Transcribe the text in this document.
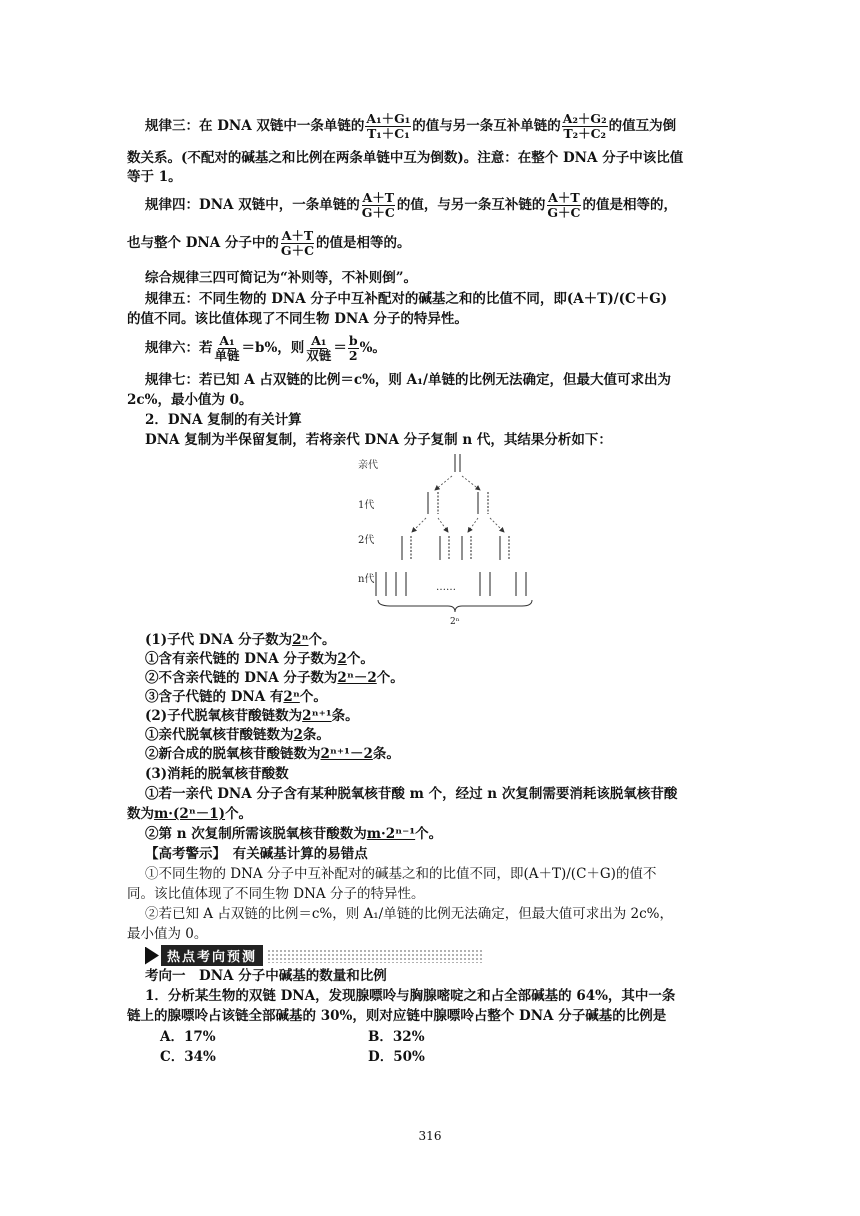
规律三：在 DNA 双链中一条单链的 $\frac{\text{A₁＋G₁}}{\text{T₁＋C₁}}$ 的值与另一条互补单链的 $\frac{\text{A₂＋G₂}}{\text{T₂＋C₂}}$ 的值互为倒
数关系。(不配对的碱基之和比例在两条单链中互为倒数)。注意：在整个 DNA 分子中该比值
等于 1。
规律四：DNA 双链中，一条单链的 $\frac{A+T}{G+C}$ 的值，与另一条互补链的 $\frac{A+T}{G+C}$ 的值是相等的，
也与整个 DNA 分子中的 $\frac{A+T}{G+C}$ 的值是相等的。
综合规律三四可简记为“补则等，不补则倒”。
规律五：不同生物的 DNA 分子中互补配对的碱基之和的比值不同，即(A＋T)/(C＋G)
的值不同。该比值体现了不同生物 DNA 分子的特异性。
规律六：若 $\frac{\text{A₁}}{\text{单链}} =b\%$，则 $\frac{\text{A₁}}{\text{双链}} = \frac{b}{2}$ %。
规律七：若已知 A 占双链的比例＝c%，则 A₁/单链的比例无法确定，但最大值可求出为
2c%，最小值为 0。
2．DNA 复制的有关计算
DNA 复制为半保留复制，若将亲代 DNA 分子复制 n 代，其结果分析如下：
亲代
1代
2代
n代
……
2ⁿ
(1)子代 DNA 分子数为2ⁿ个。
①含有亲代链的 DNA 分子数为2个。
②不含亲代链的 DNA 分子数为2ⁿ－2个。
③含子代链的 DNA 有2ⁿ个。
(2)子代脱氧核苷酸链数为2ⁿ⁺¹条。
①亲代脱氧核苷酸链数为2条。
②新合成的脱氧核苷酸链数为2ⁿ⁺¹－2条。
(3)消耗的脱氧核苷酸数
①若一亲代 DNA 分子含有某种脱氧核苷酸 m 个，经过 n 次复制需要消耗该脱氧核苷酸
数为m·(2ⁿ－1)个。
②第 n 次复制所需该脱氧核苷酸数为m·2ⁿ⁻¹个。
【高考警示】　有关碱基计算的易错点
①不同生物的 DNA 分子中互补配对的碱基之和的比值不同，即(A＋T)/(C＋G)的值不
同。该比值体现了不同生物 DNA 分子的特异性。
②若已知 A 占双链的比例＝c%，则 A₁/单链的比例无法确定，但最大值可求出为 2c%，
最小值为 0。
热点考向预测
考向一　DNA 分子中碱基的数量和比例
1．分析某生物的双链 DNA，发现腺嘌呤与胸腺嘧啶之和占全部碱基的 64%，其中一条
链上的腺嘌呤占该链全部碱基的 30%，则对应链中腺嘌呤占整个 DNA 分子碱基的比例是
A．17%	B．32%
C．34%	D．50%
316
